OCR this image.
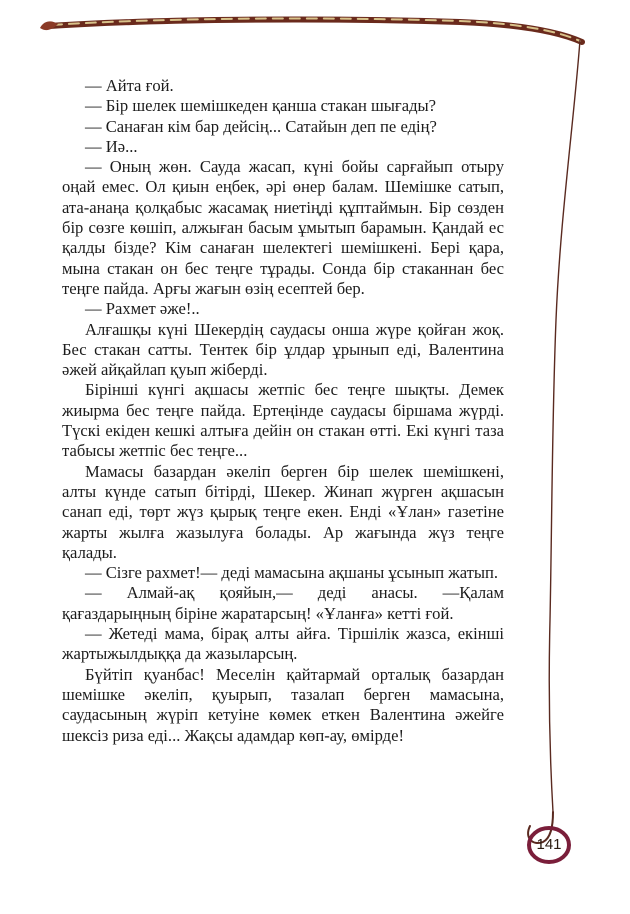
— Айта ғой.

— Бір шелек шемішкеден қанша стакан шығады?

— Санаған кім бар дейсің... Сатайын деп пе едің?

— Иә...

— Оның жөн. Сауда жасап, күні бойы сарғайып отыру оңай емес. Ол қиын еңбек, әрі өнер балам. Шемішке сатып, ата-анаңа қолқабыс жасамақ ниетіңді құптаймын. Бір сөзден бір сөзге көшіп, алжыған басым ұмытып барамын. Қандай ес қалды бізде? Кім санаған шелектегі шемішкені. Бері қара, мына стакан он бес теңге тұрады. Сонда бір стаканнан бес теңге пайда. Арғы жағын өзің есептей бер.

— Рахмет әже!..

Алғашқы күні Шекердің саудасы онша жүре қойған жоқ. Бес стакан сатты. Тентек бір ұлдар ұрынып еді, Валентина әжей айқайлап қуып жіберді.

Бірінші күнгі ақшасы жетпіс бес теңге шықты. Демек жиырма бес теңге пайда. Ертеңінде саудасы біршама жүрді. Түскі екіден кешкі алтыға дейін он стакан өтті. Екі күнгі таза табысы жетпіс бес теңге...

Мамасы базардан әкеліп берген бір шелек шемішкені, алты күнде сатып бітірді, Шекер. Жинап жүрген ақшасын санап еді, төрт жүз қырық теңге екен. Енді «Ұлан» газетіне жарты жылға жазылуға болады. Ар жағында жүз теңге қалады.

— Сізге рахмет!— деді мамасына ақшаны ұсынып жатып.

— Алмай-ақ қояйын,— деді анасы. —Қалам қағаздарыңның біріне жаратарсың! «Ұланға» кетті ғой.

— Жетеді мама, бірақ алты айға. Тіршілік жазса, екінші жартыжылдыққа да жазыларсың.

Бүйтіп қуанбас! Меселін қайтармай орталық базардан шемішке әкеліп, қуырып, тазалап берген мамасына, саудасының жүріп кетуіне көмек еткен Валентина әжейге шексіз риза еді... Жақсы адамдар көп-ау, өмірде!

141
